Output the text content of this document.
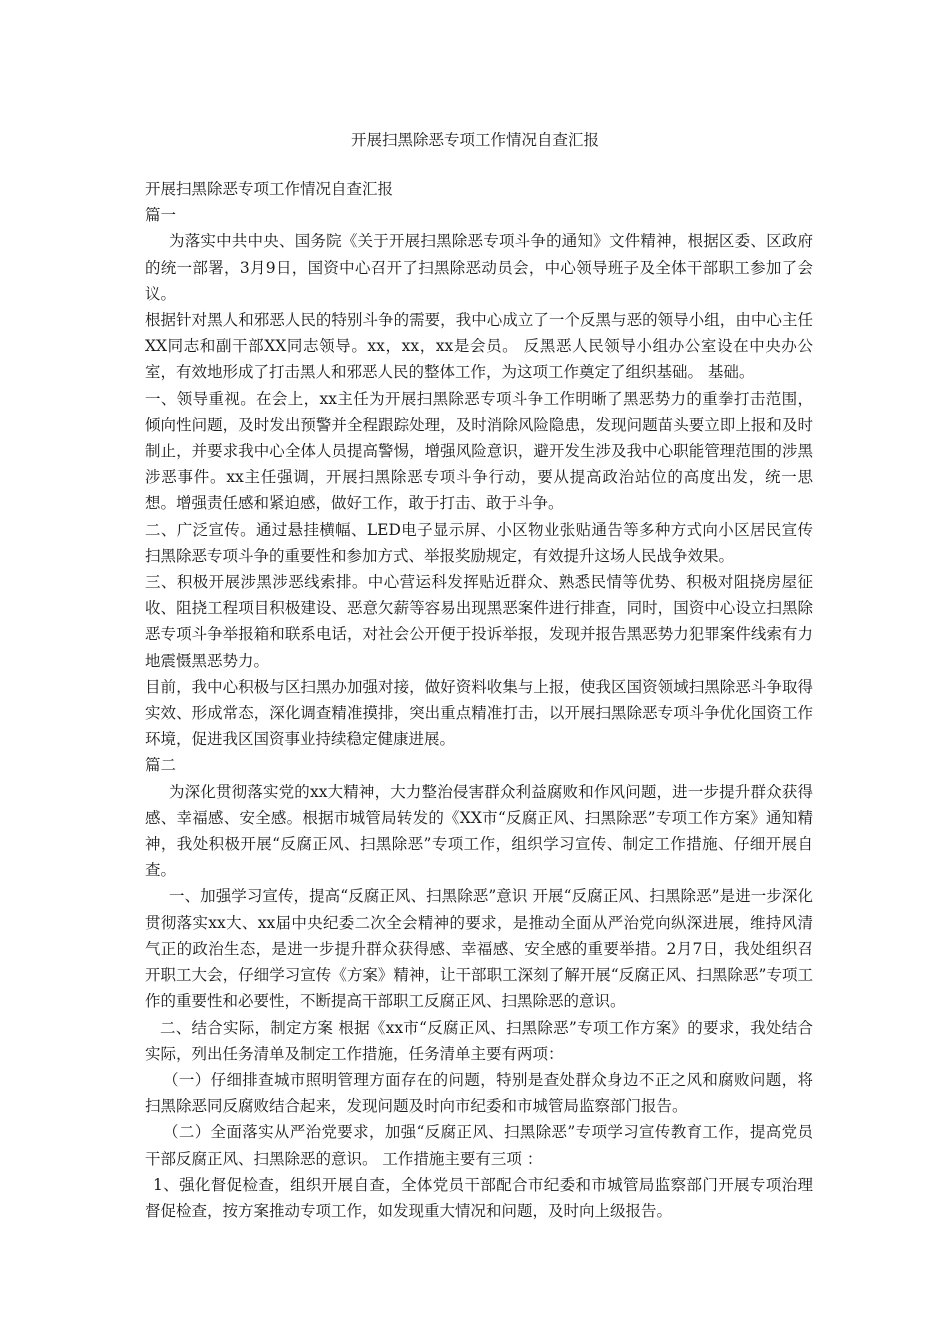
开展扫黑除恶专项工作情况自查汇报

开展扫黑除恶专项工作情况自查汇报

篇一

为落实中共中央、国务院《关于开展扫黑除恶专项斗争的通知》文件精神，根据区委、区政府的统一部署，3月9日，国资中心召开了扫黑除恶动员会，中心领导班子及全体干部职工参加了会议。

根据针对黑人和邪恶人民的特别斗争的需要，我中心成立了一个反黑与恶的领导小组，由中心主任XX同志和副干部XX同志领导。xx，xx，xx是会员。 反黑恶人民领导小组办公室设在中央办公室，有效地形成了打击黑人和邪恶人民的整体工作，为这项工作奠定了组织基础。 基础。

一、领导重视。在会上，xx主任为开展扫黑除恶专项斗争工作明晰了黑恶势力的重拳打击范围，倾向性问题，及时发出预警并全程跟踪处理，及时消除风险隐患，发现问题苗头要立即上报和及时制止，并要求我中心全体人员提高警惕，增强风险意识，避开发生涉及我中心职能管理范围的涉黑涉恶事件。xx主任强调，开展扫黑除恶专项斗争行动，要从提高政治站位的高度出发，统一思想。增强责任感和紧迫感，做好工作，敢于打击、敢于斗争。

二、广泛宣传。通过悬挂横幅、LED电子显示屏、小区物业张贴通告等多种方式向小区居民宣传扫黑除恶专项斗争的重要性和参加方式、举报奖励规定，有效提升这场人民战争效果。

三、积极开展涉黑涉恶线索排。中心营运科发挥贴近群众、熟悉民情等优势、积极对阻挠房屋征收、阻挠工程项目积极建设、恶意欠薪等容易出现黑恶案件进行排查，同时，国资中心设立扫黑除恶专项斗争举报箱和联系电话，对社会公开便于投诉举报，发现并报告黑恶势力犯罪案件线索有力地震慑黑恶势力。

目前，我中心积极与区扫黑办加强对接，做好资料收集与上报，使我区国资领域扫黑除恶斗争取得实效、形成常态，深化调查精准摸排，突出重点精准打击，以开展扫黑除恶专项斗争优化国资工作环境，促进我区国资事业持续稳定健康进展。

篇二

为深化贯彻落实党的xx大精神，大力整治侵害群众利益腐败和作风问题，进一步提升群众获得感、幸福感、安全感。根据市城管局转发的《XX市“反腐正风、扫黑除恶”专项工作方案》通知精神，我处积极开展“反腐正风、扫黑除恶”专项工作，组织学习宣传、制定工作措施、仔细开展自查。

一、加强学习宣传，提高“反腐正风、扫黑除恶”意识 开展“反腐正风、扫黑除恶”是进一步深化贯彻落实xx大、xx届中央纪委二次全会精神的要求，是推动全面从严治党向纵深进展，维持风清气正的政治生态，是进一步提升群众获得感、幸福感、安全感的重要举措。2月7日，我处组织召开职工大会，仔细学习宣传《方案》精神，让干部职工深刻了解开展“反腐正风、扫黑除恶”专项工作的重要性和必要性，不断提高干部职工反腐正风、扫黑除恶的意识。

二、结合实际，制定方案 根据《xx市“反腐正风、扫黑除恶”专项工作方案》的要求，我处结合实际，列出任务清单及制定工作措施，任务清单主要有两项：

（一）仔细排查城市照明管理方面存在的问题，特别是查处群众身边不正之风和腐败问题，将扫黑除恶同反腐败结合起来，发现问题及时向市纪委和市城管局监察部门报告。

（二）全面落实从严治党要求，加强“反腐正风、扫黑除恶”专项学习宣传教育工作，提高党员干部反腐正风、扫黑除恶的意识。 工作措施主要有三项 ：

1、强化督促检查，组织开展自查，全体党员干部配合市纪委和市城管局监察部门开展专项治理督促检查，按方案推动专项工作，如发现重大情况和问题，及时向上级报告。
